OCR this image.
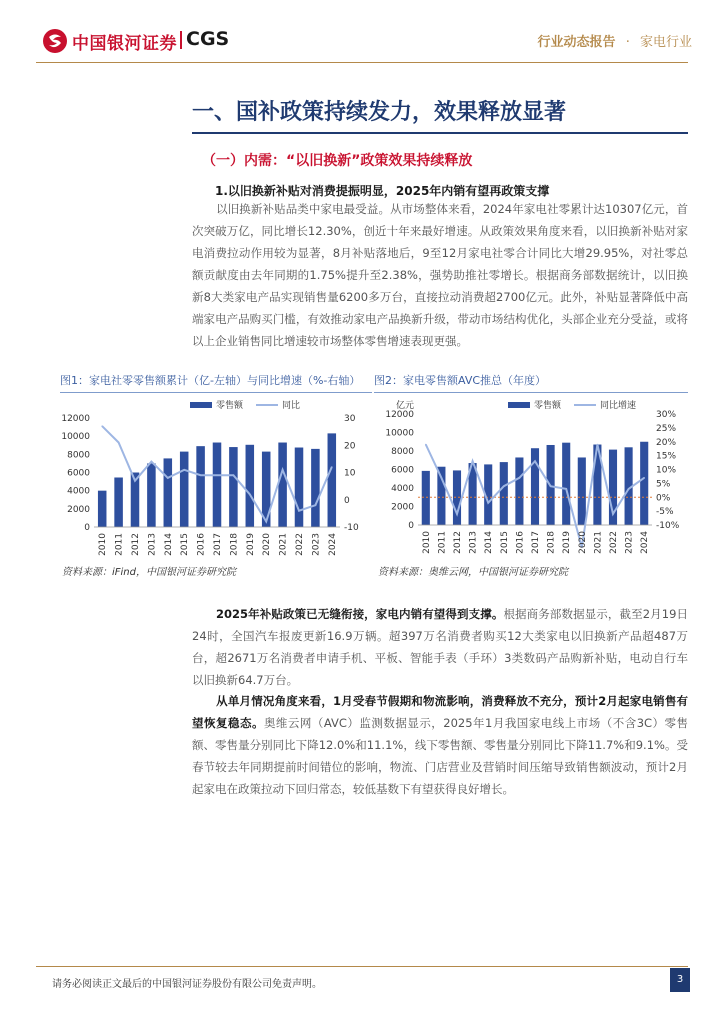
中国银河证券 CGS	行业动态报告 · 家电行业
一、国补政策持续发力，效果释放显著
（一）内需：“以旧换新”政策效果持续释放
1.以旧换新补贴对消费提振明显，2025年内销有望再政策支撑
以旧换新补贴品类中家电最受益。从市场整体来看，2024年家电社零累计达10307亿元，首次突破万亿，同比增长12.30%，创近十年来最好增速。从政策效果角度来看，以旧换新补贴对家电消费拉动作用较为显著，8月补贴落地后，9至12月家电社零合计同比大增29.95%，对社零总额贡献度由去年同期的1.75%提升至2.38%，强势助推社零增长。根据商务部数据统计，以旧换新8大类家电产品实现销售量6200多万台，直接拉动消费超2700亿元。此外，补贴显著降低中高端家电产品购买门槛，有效推动家电产品换新升级，带动市场结构优化，头部企业充分受益，或将以上企业销售同比增速较市场整体零售增速表现更强。
图1：家电社零零售额累计（亿-左轴）与同比增速（%-右轴）	图2：家电零售额AVC推总（年度）
零售额	同比
0
2000
4000
6000
8000
10000
12000
-10
0
10
20
30
2010 2011 2012 2013 2014 2015 2016 2017 2018 2019 2020 2021 2022 2023 2024
亿元	零售额	同比增速
0
2000
4000
6000
8000
10000
12000
-10%
-5%
0%
5%
10%
15%
20%
25%
30%
2010 2011 2012 2013 2014 2015 2016 2017 2018 2019 2020 2021 2022 2023 2024
资料来源：iFind，中国银河证券研究院	资料来源：奥维云网，中国银河证券研究院
2025年补贴政策已无缝衔接，家电内销有望得到支撑。根据商务部数据显示，截至2月19日24时，全国汽车报废更新16.9万辆。超397万名消费者购买12大类家电以旧换新产品超487万台，超2671万名消费者申请手机、平板、智能手表（手环）3类数码产品购新补贴，电动自行车以旧换新64.7万台。
从单月情况角度来看，1月受春节假期和物流影响，消费释放不充分，预计2月起家电销售有望恢复稳态。奥维云网（AVC）监测数据显示，2025年1月我国家电线上市场（不含3C）零售额、零售量分别同比下降12.0%和11.1%，线下零售额、零售量分别同比下降11.7%和9.1%。受春节较去年同期提前时间错位的影响，物流、门店营业及营销时间压缩导致销售额波动，预计2月起家电在政策拉动下回归常态，较低基数下有望获得良好增长。
请务必阅读正文最后的中国银河证券股份有限公司免责声明。	3
